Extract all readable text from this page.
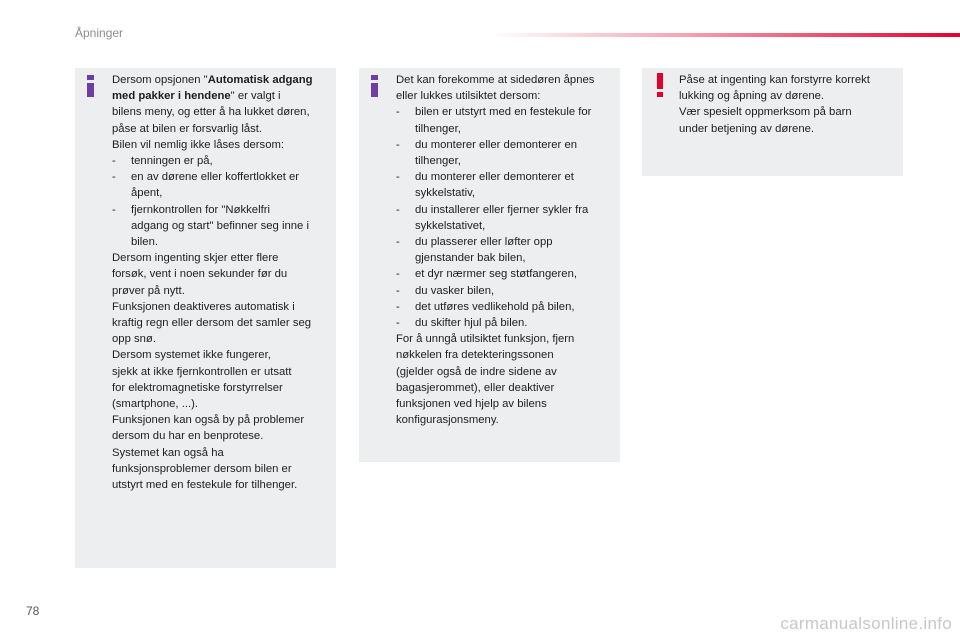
Åpninger
Dersom opsjonen "Automatisk adgang
med pakker i hendene" er valgt i
bilens meny, og etter å ha lukket døren,
påse at bilen er forsvarlig låst.
Bilen vil nemlig ikke låses dersom:
-	tenningen er på,
-	en av dørene eller koffertlokket er
åpent,
-	fjernkontrollen for "Nøkkelfri
adgang og start" befinner seg inne i
bilen.
Dersom ingenting skjer etter flere
forsøk, vent i noen sekunder før du
prøver på nytt.
Funksjonen deaktiveres automatisk i
kraftig regn eller dersom det samler seg
opp snø.
Dersom systemet ikke fungerer,
sjekk at ikke fjernkontrollen er utsatt
for elektromagnetiske forstyrrelser
(smartphone, ...).
Funksjonen kan også by på problemer
dersom du har en benprotese.
Systemet kan også ha
funksjonsproblemer dersom bilen er
utstyrt med en festekule for tilhenger.
Det kan forekomme at sidedøren åpnes
eller lukkes utilsiktet dersom:
-	bilen er utstyrt med en festekule for
tilhenger,
-	du monterer eller demonterer en
tilhenger,
-	du monterer eller demonterer et
sykkelstativ,
-	du installerer eller fjerner sykler fra
sykkelstativet,
-	du plasserer eller løfter opp
gjenstander bak bilen,
-	et dyr nærmer seg støtfangeren,
-	du vasker bilen,
-	det utføres vedlikehold på bilen,
-	du skifter hjul på bilen.
For å unngå utilsiktet funksjon, fjern
nøkkelen fra detekteringssonen
(gjelder også de indre sidene av
bagasjerommet), eller deaktiver
funksjonen ved hjelp av bilens
konfigurasjonsmeny.
Påse at ingenting kan forstyrre korrekt
lukking og åpning av dørene.
Vær spesielt oppmerksom på barn
under betjening av dørene.
78
carmanualsonline.info
